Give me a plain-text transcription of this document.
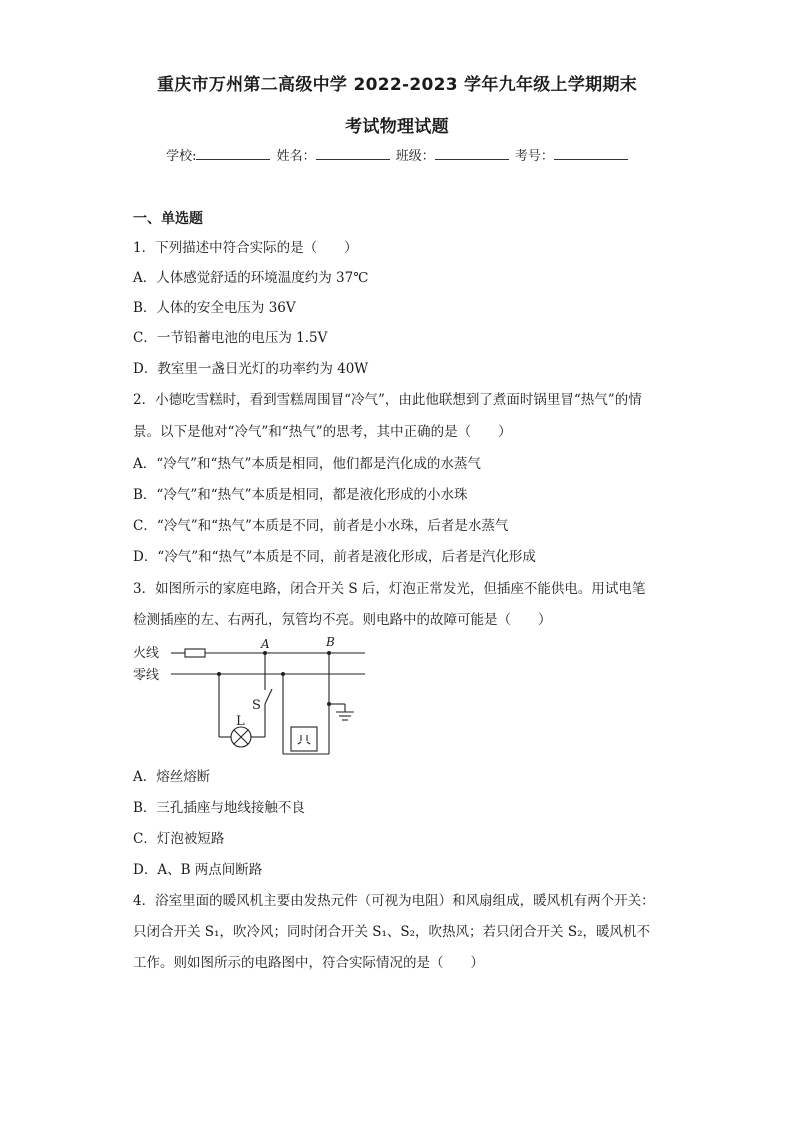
重庆市万州第二高级中学 2022-2023 学年九年级上学期期末
考试物理试题
学校:	姓名：	班级：	考号：
一、单选题
1．下列描述中符合实际的是（　　）
A．人体感觉舒适的环境温度约为 37℃
B．人体的安全电压为 36V
C．一节铅蓄电池的电压为 1.5V
D．教室里一盏日光灯的功率约为 40W
2．小德吃雪糕时，看到雪糕周围冒“冷气”，由此他联想到了煮面时锅里冒“热气”的情
景。以下是他对“冷气”和“热气”的思考，其中正确的是（　　）
A．“冷气”和“热气”本质是相同，他们都是汽化成的水蒸气
B．“冷气”和“热气”本质是相同，都是液化形成的小水珠
C．“冷气”和“热气”本质是不同，前者是小水珠，后者是水蒸气
D．“冷气”和“热气”本质是不同，前者是液化形成，后者是汽化形成
3．如图所示的家庭电路，闭合开关 S 后，灯泡正常发光，但插座不能供电。用试电笔
检测插座的左、右两孔，氖管均不亮。则电路中的故障可能是（　　）
火线
零线
A	B
S
L
A．熔丝熔断
B．三孔插座与地线接触不良
C．灯泡被短路
D．A、B 两点间断路
4．浴室里面的暖风机主要由发热元件（可视为电阻）和风扇组成，暖风机有两个开关：
只闭合开关 S₁，吹冷风；同时闭合开关 S₁、S₂，吹热风；若只闭合开关 S₂，暖风机不
工作。则如图所示的电路图中，符合实际情况的是（　　）
